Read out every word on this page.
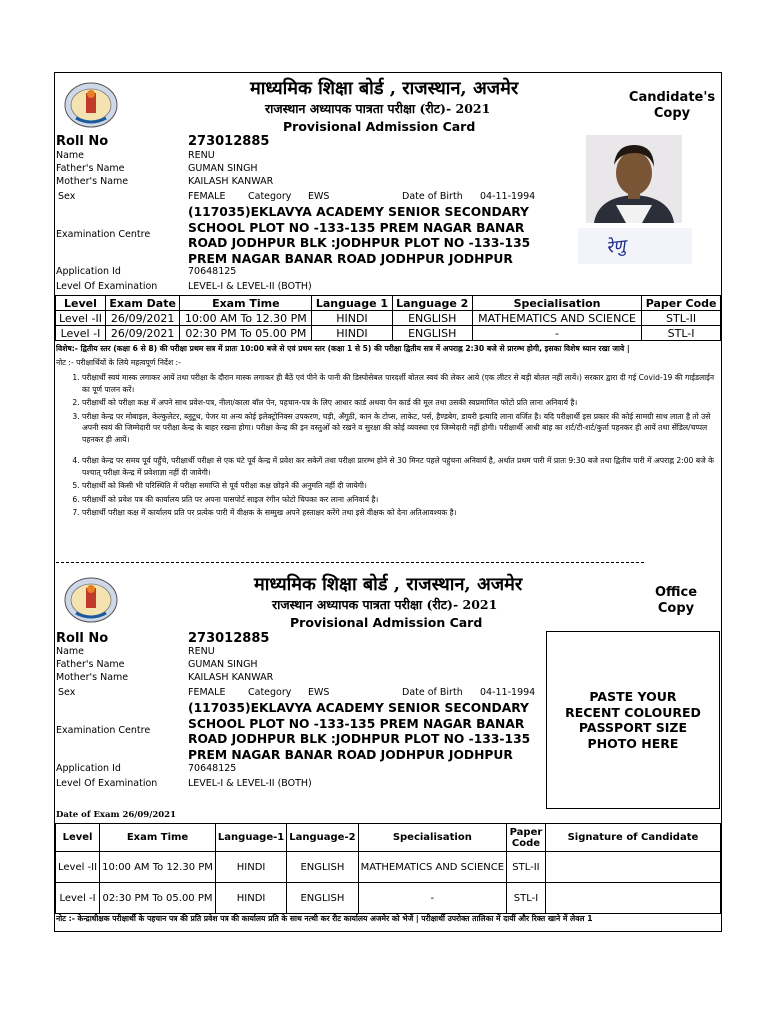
माध्यमिक शिक्षा बोर्ड , राजस्थान, अजमेर
राजस्थान अध्यापक पात्रता परीक्षा (रीट)- 2021
Provisional Admission Card
Candidate's
Copy
Roll No	273012885
Name	RENU
Father's Name	GUMAN SINGH
Mother's Name	KAILASH KANWAR
Sex	FEMALE Category EWS	Date of Birth 04-11-1994
(117035)EKLAVYA ACADEMY SENIOR SECONDARY
SCHOOL PLOT NO -133-135 PREM NAGAR BANAR
ROAD JODHPUR BLK :JODHPUR PLOT NO -133-135
PREM NAGAR BANAR ROAD JODHPUR JODHPUR
Examination Centre
Application Id	70648125
Level Of Examination	LEVEL-I & LEVEL-II (BOTH)
रेणु
Level	Exam Date	Exam Time	Language 1	Language 2	Specialisation	Paper Code
Level -II	26/09/2021	10:00 AM To 12.30 PM	HINDI	ENGLISH	MATHEMATICS AND SCIENCE	STL-II
Level -I	26/09/2021	02:30 PM To 05.00 PM	HINDI	ENGLISH	-	STL-I
विशेष:- द्वितीय स्तर (कक्षा 6 से 8) की परीक्षा प्रथम सत्र में प्रातः 10:00 बजे से एवं प्रथम स्तर (कक्षा 1 से 5) की परीक्षा द्वितीय सत्र में अपराह्न 2:30 बजे से प्रारम्भ होगी, इसका विशेष ध्यान रखा जावे |
नोट :- परीक्षार्थियों के लिये महत्वपूर्ण निर्देश :-
1. परीक्षार्थी स्वयं मास्क लगाकर आयें तथा परीक्षा के दौरान मास्क लगाकर ही बैठें एवं पीने के पानी की डिस्पोसेबल पारदर्शी बोतल स्वयं की लेकर आये (एक लीटर से बड़ी बोतल नहीं लायें।) सरकार द्वारा दी गई Covid-19 की गाईडलाईन का पूर्ण पालन करें।
2. परीक्षार्थी को परीक्षा कक्ष में अपने साथ प्रवेश-पत्र, नीला/काला बॉल पेन, पहचान-पत्र के लिए आधार कार्ड अथवा पेन कार्ड की मूल तथा उसकी स्वप्रमाणित फोटो प्रति लाना अनिवार्य है।
3. परीक्षा केन्द्र पर मोबाइल, केल्कुलेटर, ब्लूटूथ, पेजर या अन्य कोई इलेक्ट्रोनिक्स उपकरण, घड़ी, अँगूठी, कान के टोप्स, लाकेट, पर्स, हैण्डबेग, डायरी इत्यादि लाना वर्जित है। यदि परीक्षार्थी इस प्रकार की कोई सामग्री साथ लाता है तो उसे अपनी स्वयं की जिम्मेदारी पर परीक्षा केन्द्र के बाहर रखना होगा। परीक्षा केन्द्र की इन वस्तुओं को रखने व सुरक्षा की कोई व्यवस्था एवं जिम्मेदारी नहीं होगी। परीक्षार्थी आधी बांह का शर्ट/टी-शर्ट/कुर्ता पहनकर ही आयें तथा सेंडिल/चप्पल पहनकर ही आयें।
4. परीक्षा केन्द्र पर समय पूर्व पहुँचे, परीक्षार्थी परीक्षा से एक घंटे पूर्व केन्द्र में प्रवेश कर सकेगें तथा परीक्षा प्रारम्भ होने से 30 मिनट पहले पहुंचना अनिवार्य है, अर्थात प्रथम पारी में प्रातः 9:30 बजे तथा द्वितीय पारी में अपराह्न 2:00 बजे के पश्चात् परीक्षा केन्द्र में प्रवेशाज्ञा नहीं दी जावेगी।
5. परीक्षार्थी को किसी भी परिस्थिति में परीक्षा समाप्ति से पूर्व परीक्षा कक्ष छोड़ने की अनुमति नहीं दी जायेगी।
6. परीक्षार्थी को प्रवेश पत्र की कार्यालय प्रति पर अपना पासपोर्ट साइज रंगीन फोटो चिपका कर लाना अनिवार्य है।
7. परीक्षार्थी परीक्षा कक्ष में कार्यालय प्रति पर प्रत्येक पारी में वीक्षक के सम्मुख अपने हस्ताक्षर करेंगे तथा इसे वीक्षक को देना अतिआवश्यक है।
माध्यमिक शिक्षा बोर्ड , राजस्थान, अजमेर
राजस्थान अध्यापक पात्रता परीक्षा (रीट)- 2021
Provisional Admission Card
Office
Copy
Roll No	273012885
Name	RENU
Father's Name	GUMAN SINGH
Mother's Name	KAILASH KANWAR
Sex	FEMALE Category EWS	Date of Birth 04-11-1994
(117035)EKLAVYA ACADEMY SENIOR SECONDARY
SCHOOL PLOT NO -133-135 PREM NAGAR BANAR
ROAD JODHPUR BLK :JODHPUR PLOT NO -133-135
PREM NAGAR BANAR ROAD JODHPUR JODHPUR
Examination Centre
Application Id	70648125
Level Of Examination	LEVEL-I & LEVEL-II (BOTH)
PASTE YOUR
RECENT COLOURED
PASSPORT SIZE
PHOTO HERE
Date of Exam 26/09/2021
Level	Exam Time	Language-1	Language-2	Specialisation	Paper Code	Signature of Candidate
Level -II	10:00 AM To 12.30 PM	HINDI	ENGLISH	MATHEMATICS AND SCIENCE	STL-II	
Level -I	02:30 PM To 05.00 PM	HINDI	ENGLISH	-	STL-I	
नोट :- केन्द्राधीक्षक परीक्षार्थी के पहचान पत्र की प्रति प्रवेश पत्र की कार्यालय प्रति के साथ नत्थी कर रीट कार्यालय अजमेर को भेजें | परीक्षार्थी उपरोक्त तालिका में दायीं और रिक्त खाने में लेवल 1
